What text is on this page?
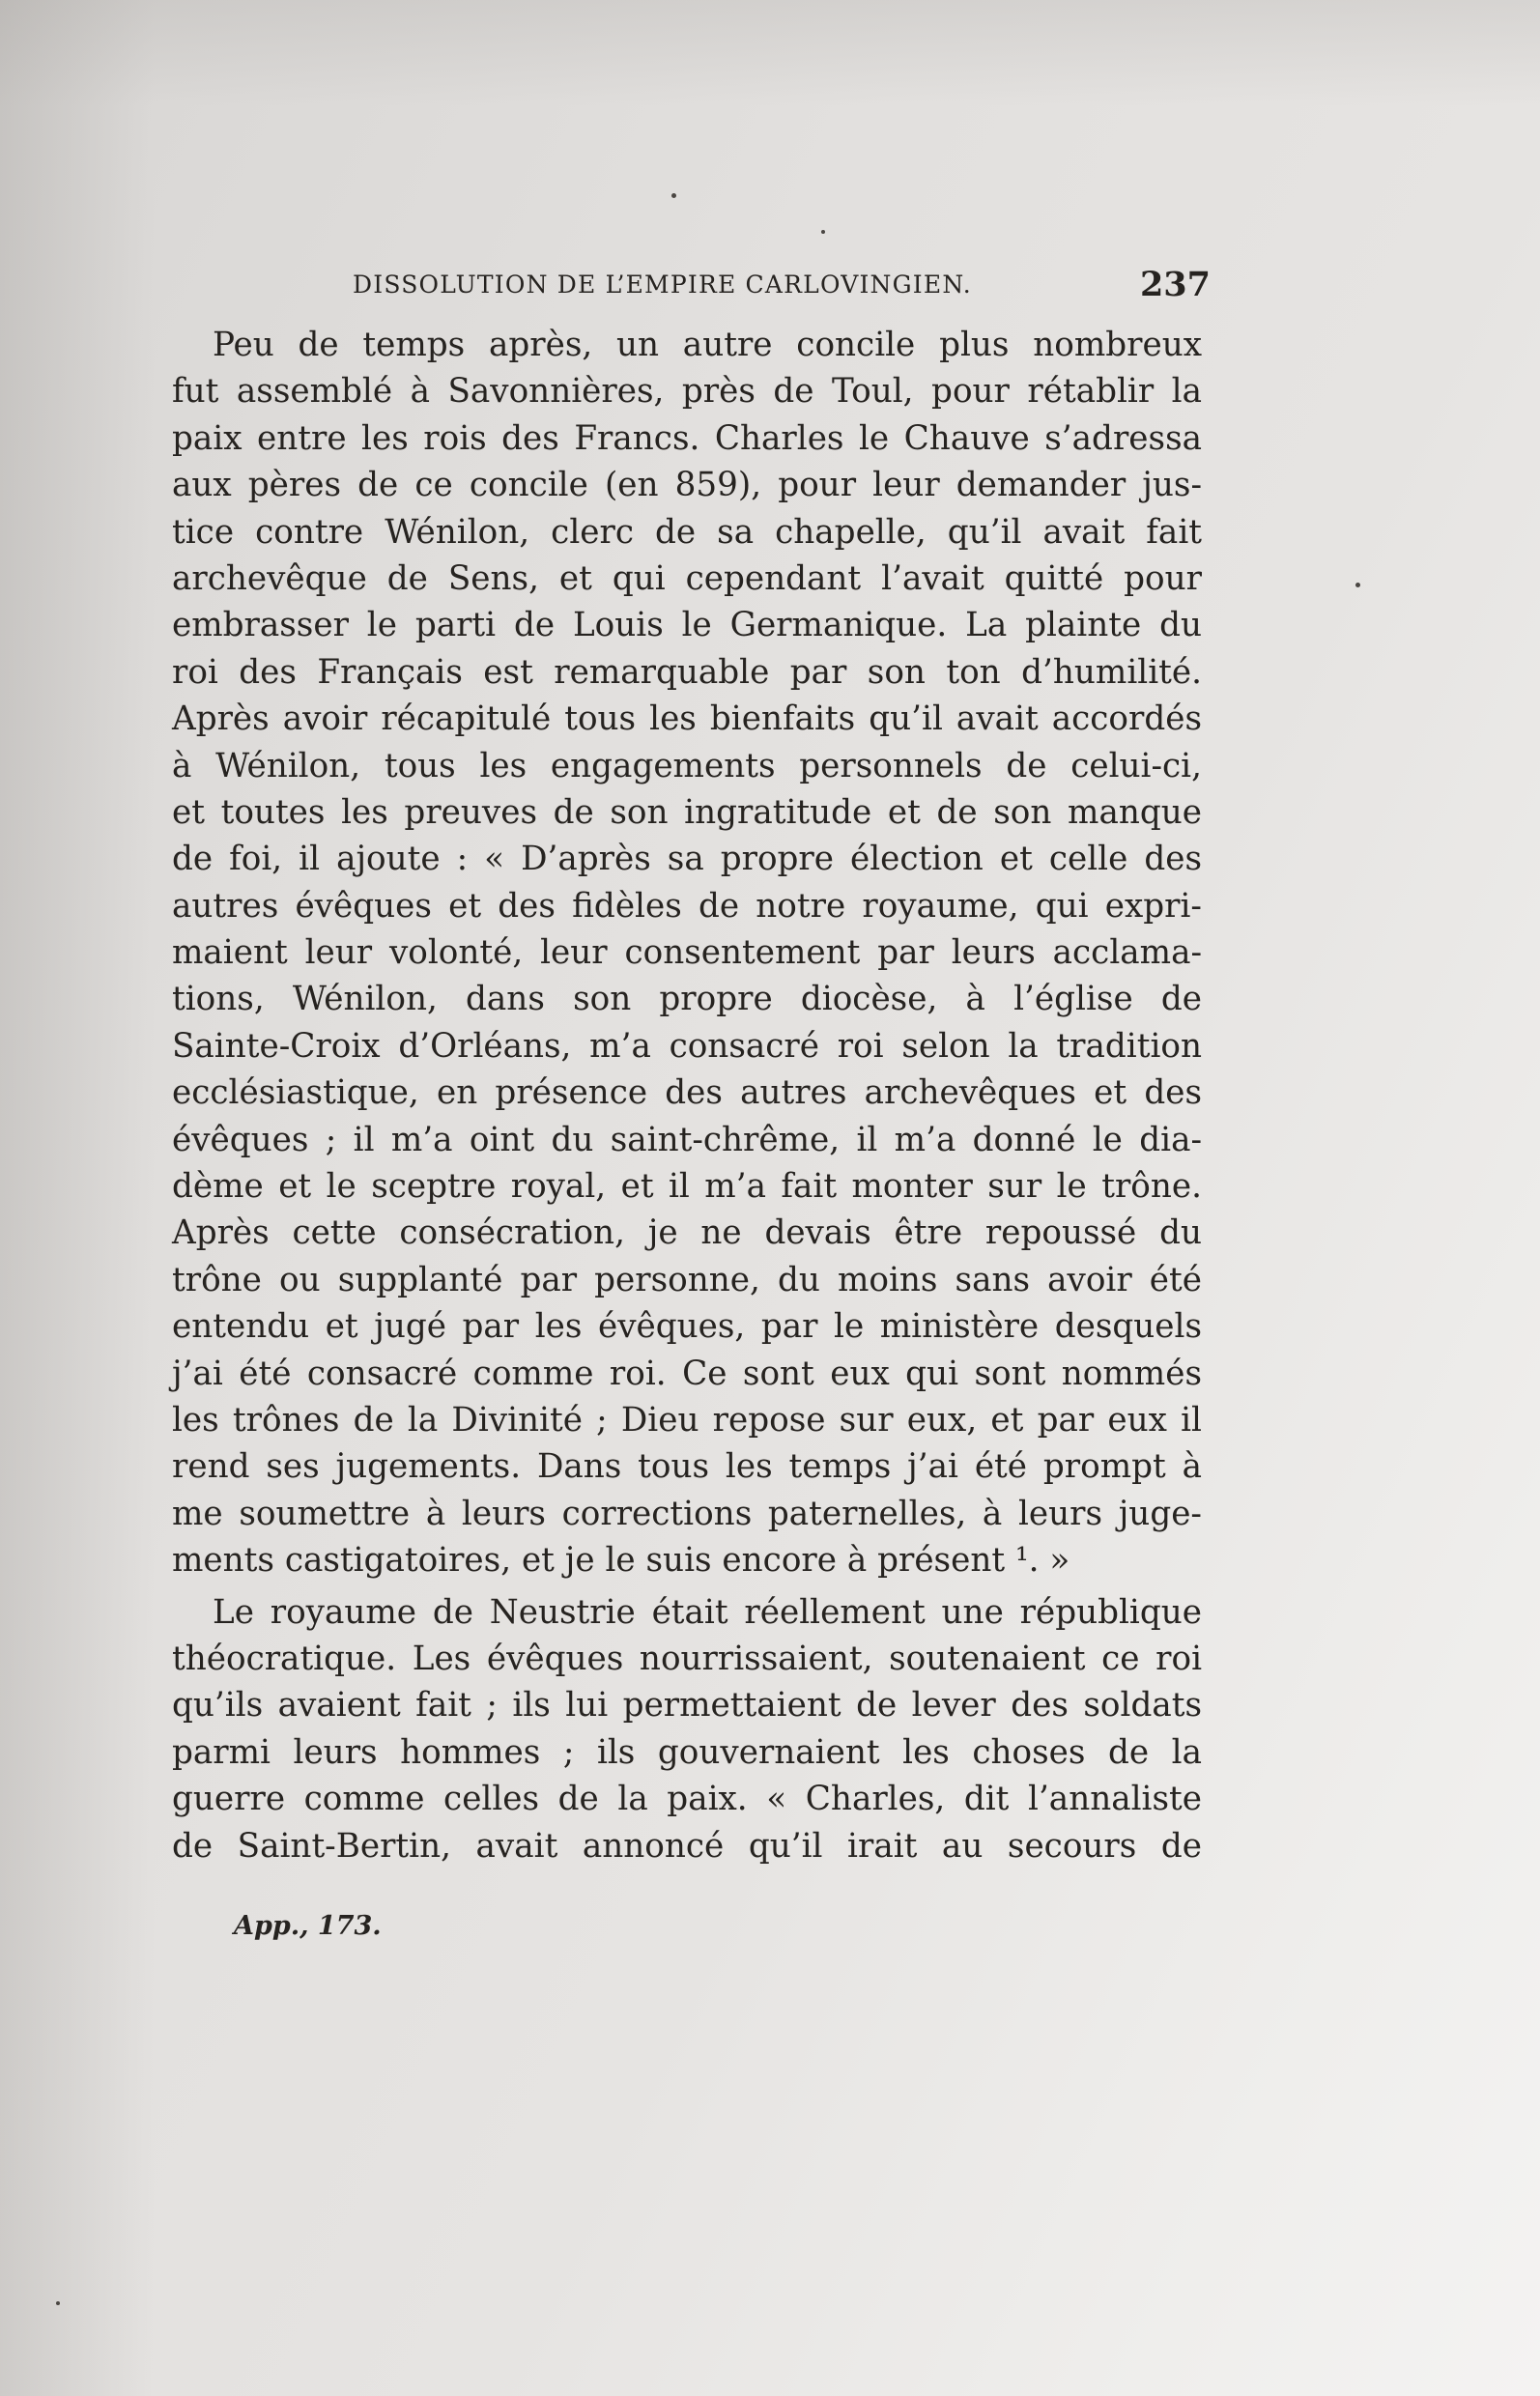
DISSOLUTION DE L’EMPIRE CARLOVINGIEN.	237
Peu de temps après, un autre concile plus nombreux
fut assemblé à Savonnières, près de Toul, pour rétablir la
paix entre les rois des Francs. Charles le Chauve s’adressa
aux pères de ce concile (en 859), pour leur demander jus-
tice contre Wénilon, clerc de sa chapelle, qu’il avait fait
archevêque de Sens, et qui cependant l’avait quitté pour
embrasser le parti de Louis le Germanique. La plainte du
roi des Français est remarquable par son ton d’humilité.
Après avoir récapitulé tous les bienfaits qu’il avait accordés
à Wénilon, tous les engagements personnels de celui-ci,
et toutes les preuves de son ingratitude et de son manque
de foi, il ajoute : « D’après sa propre élection et celle des
autres évêques et des fidèles de notre royaume, qui expri-
maient leur volonté, leur consentement par leurs acclama-
tions, Wénilon, dans son propre diocèse, à l’église de
Sainte-Croix d’Orléans, m’a consacré roi selon la tradition
ecclésiastique, en présence des autres archevêques et des
évêques ; il m’a oint du saint-chrême, il m’a donné le dia-
dème et le sceptre royal, et il m’a fait monter sur le trône.
Après cette consécration, je ne devais être repoussé du
trône ou supplanté par personne, du moins sans avoir été
entendu et jugé par les évêques, par le ministère desquels
j’ai été consacré comme roi. Ce sont eux qui sont nommés
les trônes de la Divinité ; Dieu repose sur eux, et par eux il
rend ses jugements. Dans tous les temps j’ai été prompt à
me soumettre à leurs corrections paternelles, à leurs juge-
ments castigatoires, et je le suis encore à présent ¹. »
Le royaume de Neustrie était réellement une république
théocratique. Les évêques nourrissaient, soutenaient ce roi
qu’ils avaient fait ; ils lui permettaient de lever des soldats
parmi leurs hommes ; ils gouvernaient les choses de la
guerre comme celles de la paix. « Charles, dit l’annaliste
de Saint-Bertin, avait annoncé qu’il irait au secours de
App., 173.
